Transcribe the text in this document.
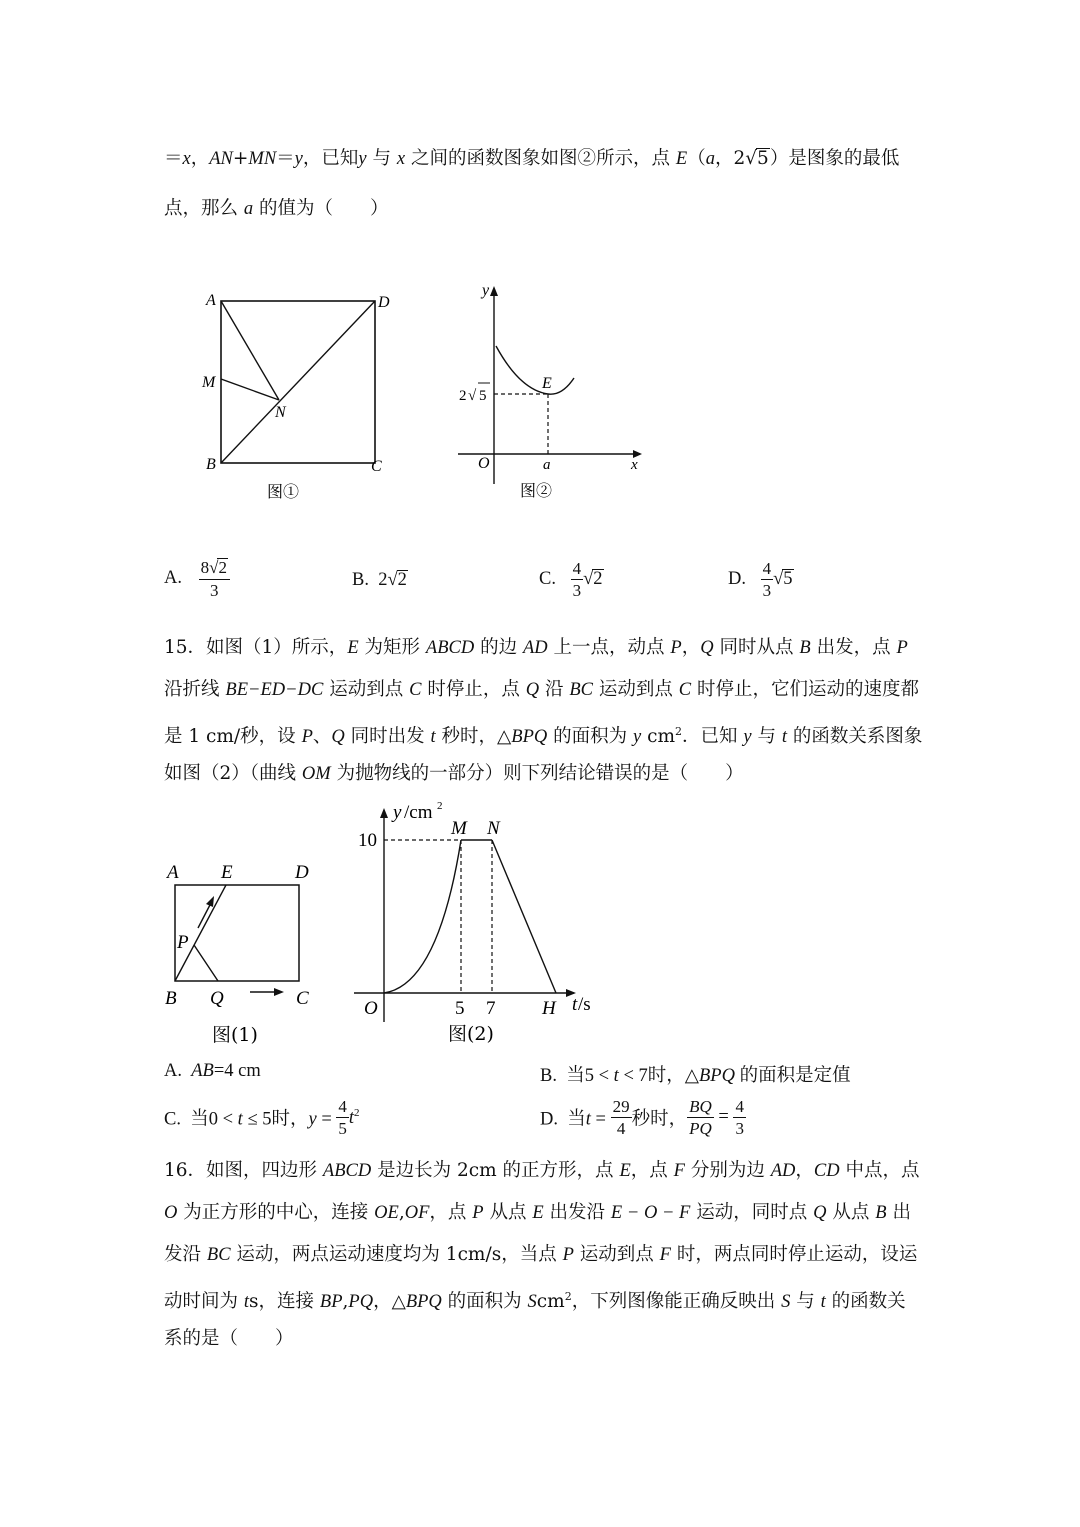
＝x，AN+MN＝y，已知y 与 x 之间的函数图象如图②所示，点 E（a，2√5）是图象的最低
点，那么 a 的值为（　　）
A	D
M
N
B	C
图①
y
x
O
E
a
2 √ 5
图②
A. $\frac{8√2}{3}$	B. 2√2	C. $\frac{4}{3} √2$	D. $\frac{4}{3} √5$
15．如图（1）所示，E 为矩形 ABCD 的边 AD 上一点，动点 P，Q 同时从点 B 出发，点 P
沿折线 BE−ED−DC 运动到点 C 时停止，点 Q 沿 BC 运动到点 C 时停止，它们运动的速度都
是 1 cm/秒，设 P、Q 同时出发 t 秒时，△BPQ 的面积为 y $cm^2$．已知 y 与 t 的函数关系图象
如图（2）（曲线 OM 为抛物线的一部分）则下列结论错误的是（　　）
A E	D
P
B Q	C
图(1)
y /cm 2
10
M N
O	5 7 H t /s
图(2)
A. AB=4 cm	B. 当5 < t < 7时，△BPQ 的面积是定值
C. 当0 < t ≤ 5时，$y = \frac{4}{5} t^2$	D. 当$t = \frac{29}{4}$ 秒时， $\frac{BQ}{PQ} = \frac{4}{3}$
16．如图，四边形 ABCD 是边长为 2cm 的正方形，点 E，点 F 分别为边 AD，CD 中点，点
O 为正方形的中心，连接 OE,OF，点 P 从点 E 出发沿 E − O − F 运动，同时点 Q 从点 B 出
发沿 BC 运动，两点运动速度均为 1cm/s，当点 P 运动到点 F 时，两点同时停止运动，设运
动时间为 ts，连接 BP,PQ，△BPQ 的面积为 Scm$^2$，下列图像能正确反映出 S 与 t 的函数关
系的是（　　）
